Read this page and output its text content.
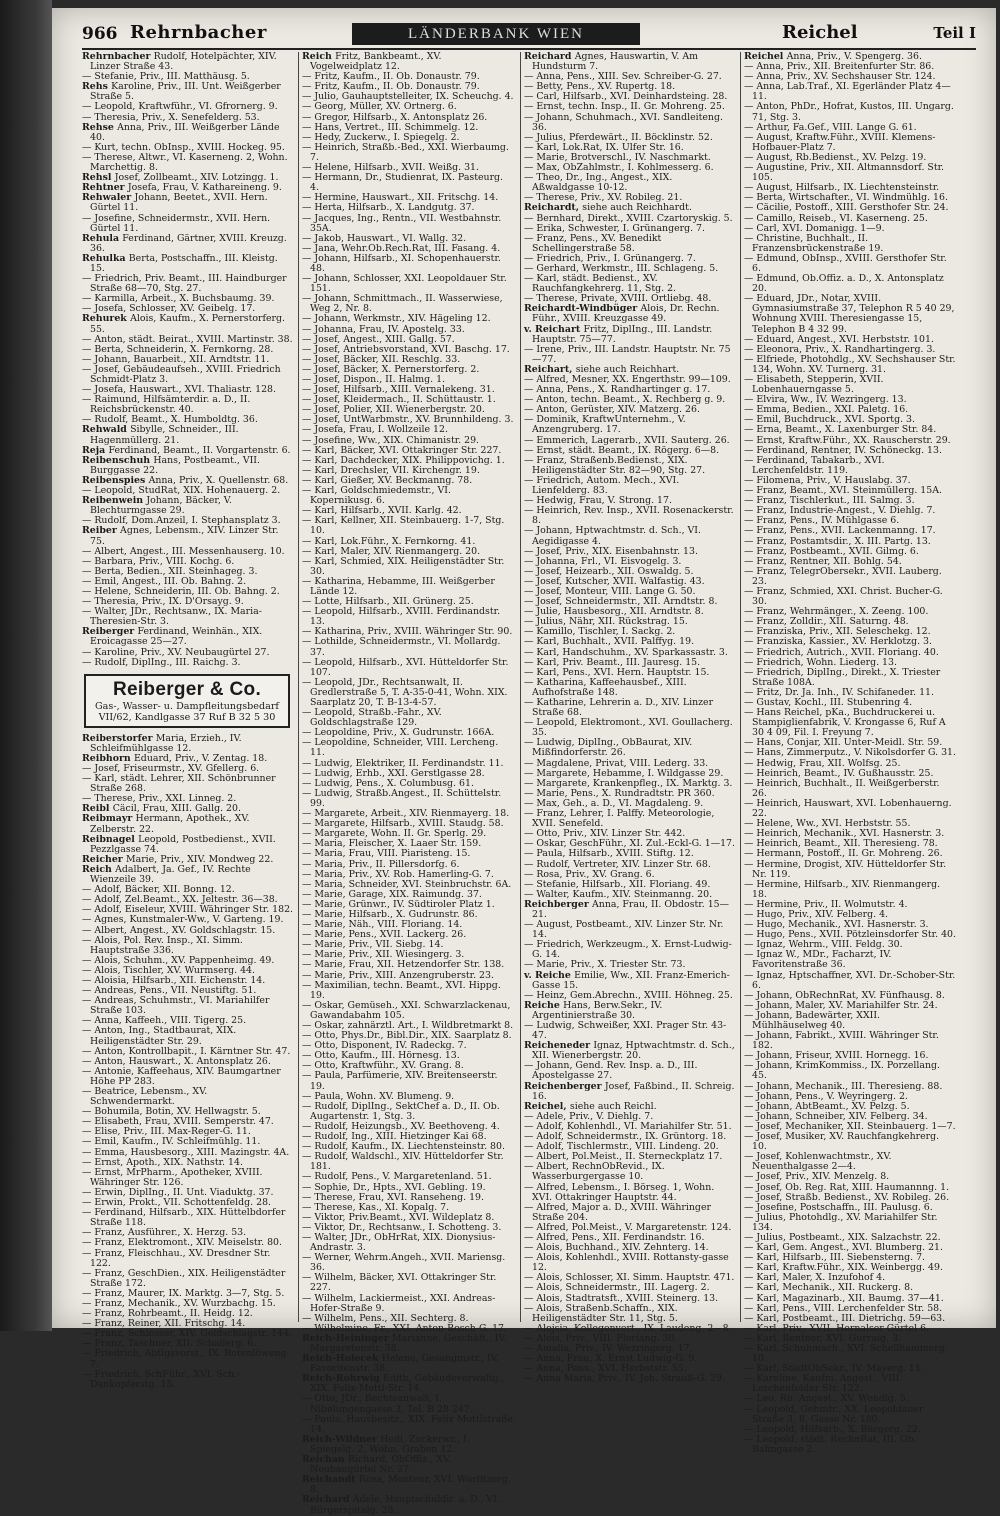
966 Rehrnbacher	LÄNDERBANK WIEN	Reichel	Teil I

Rehrnbacher Rudolf, Hotelpächter, XIV. Linzer Straße 43.

— Stefanie, Priv., III. Matthäusg. 5.

Rehs Karoline, Priv., III. Unt. Weißgerber Straße 5.

— Leopold, Kraftwführ., VI. Gfrornerg. 9.

— Theresia, Priv., X. Senefelderg. 53.

Rehse Anna, Priv., III. Weißgerber Lände 40.

— Kurt, techn. ObInsp., XVIII. Hockeg. 95.

— Therese, Altwr., VI. Kaserneng. 2, Wohn. Marchettig. 8.

Rehsl Josef, Zollbeamt., XIV. Lotzingg. 1.

Rehtner Josefa, Frau, V. Kathareineng. 9.

Rehwaler Johann, Beetet., XVII. Hern. Gürtel 11.

— Josefine, Schneidermstr., XVII. Hern. Gürtel 11.

Rehula Ferdinand, Gärtner, XVIII. Kreuzg. 36.

Rehulka Berta, Postschaffn., III. Kleistg. 15.

— Friedrich, Priv. Beamt., III. Haindburger Straße 68—70, Stg. 27.

— Karmilla, Arbeit., X. Buchsbaumg. 39.

— Josefa, Schlosser, XV. Geibelg. 17.

Rehurek Alois, Kaufm., X. Pernerstorferg. 55.

— Anton, städt. Beirat., XVIII. Martinstr. 38.

— Berta, Schneiderin, X. Fernkorng. 28.

— Johann, Bauarbeit., XII. Arndtstr. 11.

— Josef, Gebäudeaufseh., XVIII. Friedrich Schmidt-Platz 3.

— Josefa, Hauswart., XVI. Thaliastr. 128.

— Raimund, Hilfsämterdir. a. D., II. Reichsbrückenstr. 40.

— Rudolf, Beamt., X. Humboldtg. 36.

Rehwald Sibylle, Schneider., III. Hagenmüllerg. 21.

Reja Ferdinand, Beamt., II. Vorgartenstr. 6.

Reibenschuh Hans, Postbeamt., VII. Burggasse 22.

Reibenspies Anna, Priv., X. Quellenstr. 68.

— Leopold, StudRat, XIX. Hohenauerg. 2.

Reibenwein Johann, Bäcker, V. Blechturmgasse 29.

— Rudolf, Dom.Anzeil, I. Stephansplatz 3.

Reiber Agnes, Lebensm., XIV. Linzer Str. 75.

— Albert, Angest., III. Messenhauserg. 10.

— Barbara, Priv., VIII. Kochg. 6.

— Berta, Bedien., XII. Steinhageg. 3.

— Emil, Angest., III. Ob. Bahng. 2.

— Helene, Schneiderin, III. Ob. Bahng. 2.

— Theresia, Priv., IX. D'Orsayg. 9.

— Walter, JDr., Rechtsanw., IX. Maria-Theresien-Str. 3.

Reiberger Ferdinand, Weinhän., XIX. Eroicagasse 25—27.

— Karoline, Priv., XV. Neubaugürtel 27.

— Rudolf, DiplIng., III. Raichg. 3.

Reiberger & Co.
Gas-, Wasser- u. Dampfleitungsbedarf
VII/62, Kandlgasse 37 Ruf B 32 5 30

Reiberstorfer Maria, Erzieh., IV. Schleifmühlgasse 12.

Reibhorn Eduard, Priv., V. Zentag. 18.

— Josef, Friseurmstr., XV. Gfellerg. 6.

— Karl, städt. Lehrer, XII. Schönbrunner Straße 268.

— Therese, Priv., XXI. Linneg. 2.

Reibl Cäcil, Frau, XIII. Gallg. 20.

Reibmayr Hermann, Apothek., XV. Zelberstr. 22.

Reibnagel Leopold, Postbedienst., XVII. Pezzlgasse 74.

Reicher Marie, Priv., XIV. Mondweg 22.

Reich Adalbert, Ja. Gef., IV. Rechte Wienzeile 39.

— Adolf, Bäcker, XII. Bonng. 12.

— Adolf, Zel.Beamt., XX. Jeltestr. 36—38.

— Adolf, Eiseleur, XVIII. Währinger Str. 182.

— Agnes, Kunstmaler-Ww., V. Garteng. 19.

— Albert, Angest., XV. Goldschlagstr. 15.

— Alois, Pol. Rev. Insp., XI. Simm. Hauptstraße 336.

— Alois, Schuhm., XV. Pappenheimg. 49.

— Alois, Tischler, XV. Wurmserg. 44.

— Aloisia, Hilfsarb., XII. Eichenstr. 14.

— Andreas, Pens., VII. Neustiftg. 51.

— Andreas, Schuhmstr., VI. Mariahilfer Straße 103.

— Anna, Kaffeeh., VIII. Tigerg. 25.

— Anton, Ing., Stadtbaurat, XIX. Heiligenstädter Str. 29.

— Anton, Kontrollbapit., I. Kärntner Str. 47.

— Anton, Hauswart., X. Antonsplatz 26.

— Antonie, Kaffeehaus, XIV. Baumgartner Höhe PP 283.

— Beatrice, Lebensm., XV. Schwendermarkt.

— Bohumila, Botin, XV. Hellwagstr. 5.

— Elisabeth, Frau, XVIII. Semperstr. 47.

— Elise, Priv., III. Max-Reger-G. 11.

— Emil, Kaufm., IV. Schleifmühlg. 11.

— Emma, Hausbesorg., XIII. Mazingstr. 4A.

— Ernst, Apoth., XIX. Nathstr. 14.

— Ernst, MrPharm., Apotheker, XVIII. Währinger Str. 126.

— Erwin, DiplIng., II. Unt. Viaduktg. 37.

— Erwin, Prokt., VII. Schottenfeldg. 28.

— Ferdinand, Hilfsarb., XIX. Hüttelbdorfer Straße 118.

— Franz, Ausführer., X. Herzg. 53.

— Franz, Elektromont., XIV. Meiselstr. 80.

— Franz, Fleischhau., XV. Dresdner Str. 122.

— Franz, GeschDien., XIX. Heiligenstädter Straße 172.

— Franz, Maurer, IX. Marktg. 3—7, Stg. 5.

— Franz, Mechanik., XV. Wurzbachg. 15.

— Franz, Rohrbeamt., II. Heidg. 12.

— Franz, Reiner, XII. Fritschg. 14.

— Franz, Schlosser, XIV. Goldschlagstr. 144.

— Franz, Taschner, XII. Schallerg. 6.

— Friedrich, Abtlgsvorst., IX. Rotenlöweng. 7.

— Friedrich, SchFühr., XVI. Sch.-Dankopferstg. 15.

Reich Fritz, Bankbeamt., XV. Vogelweidplatz 12.

— Fritz, Kaufm., II. Ob. Donaustr. 79.

— Fritz, Kaufm., II. Ob. Donaustr. 79.

— Julio, Gauhauptstelleiter, IX. Scheuchg. 4.

— Georg, Müller, XV. Ortnerg. 6.

— Gregor, Hilfsarb., X. Antonsplatz 26.

— Hans, Vertret., III. Schimmelg. 12.

— Hedy, Zuckerw., I. Spiegelg. 2.

— Heinrich, Straßb.-Bed., XXI. Wierbaumg. 7.

— Helene, Hilfsarb., XVII. Weißg. 31.

— Hermann, Dr., Studienrat, IX. Pasteurg. 4.

— Hermine, Hauswart., XII. Fritschg. 14.

— Herta, Hilfsarb., X. Landgutg. 37.

— Jacques, Ing., Rentn., VII. Westbahnstr. 35A.

— Jakob, Hauswart., VI. Wallg. 32.

— Jana, Wehr.Ob.Rech.Rat, III. Fasang. 4.

— Johann, Hilfsarb., XI. Schopenhauerstr. 48.

— Johann, Schlosser, XXI. Leopoldauer Str. 151.

— Johann, Schmittmach., II. Wasserwiese, Weg 2, Nr. 8.

— Johann, Werkmstr., XIV. Hägeling 12.

— Johanna, Frau, IV. Apostelg. 33.

— Josef, Angest., XIII. Gallg. 57.

— Josef, Antriebsvorstand, XVI. Baschg. 17.

— Josef, Bäcker, XII. Reschlg. 33.

— Josef, Bäcker, X. Pernerstorferg. 2.

— Josef, Dispon., II. Halmg. 1.

— Josef, Hilfsarb., XIII. Vernalekeng. 31.

— Josef, Kleidermach., II. Schüttaustr. 1.

— Josef, Polier, XII. Wienerbergstr. 20.

— Josef, UntWarbmstr., XV. Brunnhildeng. 3.

— Josefa, Frau, I. Wollzeile 12.

— Josefine, Ww., XIX. Chimanistr. 29.

— Karl, Bäcker, XVI. Ottakringer Str. 227.

— Karl, Dachdecker, XIX. Philippovichg. 1.

— Karl, Drechsler, VII. Kirchengr. 19.

— Karl, Gießer, XV. Beckmanng. 78.

— Karl, Goldschmiedemstr., VI. Kopernikusg. 6.

— Karl, Hilfsarb., XVII. Karlg. 42.

— Karl, Kellner, XII. Steinbauerg. 1-7, Stg. 10.

— Karl, Lok.Führ., X. Fernkorng. 41.

— Karl, Maler, XIV. Rienmangerg. 20.

— Karl, Schmied, XIX. Heiligenstädter Str. 30.

— Katharina, Hebamme, III. Weißgerber Lände 12.

— Lotte, Hilfsarb., XII. Grünerg. 25.

— Leopold, Hilfsarb., XVIII. Ferdinandstr. 13.

— Katharina, Priv., XVIII. Währinger Str. 90.

— Lothilde, Schneidermstr., VI. Mollardg. 37.

— Leopold, Hilfsarb., XVI. Hütteldorfer Str. 107.

— Leopold, JDr., Rechtsanwalt, II. Gredlerstraße 5, T. A-35-0-41, Wohn. XIX. Saarplatz 20, T. B-13-4-57.

— Leopold, Straßb.-Fahr., XV. Goldschlagstraße 129.

— Leopoldine, Priv., X. Gudrunstr. 166A.

— Leopoldine, Schneider, VIII. Lercheng. 11.

— Ludwig, Elektriker, II. Ferdinandstr. 11.

— Ludwig, Erhb., XXI. Gerstlgasse 28.

— Ludwig, Pens., X. Columbusg. 61.

— Ludwig, Straßb.Angest., II. Schüttelstr. 99.

— Margarete, Arbeit., XIV. Rienmayerg. 18.

— Margarete, Hilfsarb., XVIII. Staudg. 58.

— Margarete, Wohn. II. Gr. Sperlg. 29.

— Maria, Fleischer, X. Laaer Str. 159.

— Maria, Frau, VIII. Piaristeng. 15.

— Maria, Priv., II. Pillersdorfg. 6.

— Maria, Priv., XV. Rob. Hamerling-G. 7.

— Maria, Schneider, XVI. Steinbruchstr. 6A.

— Marie, Garage, XIX. Raimundg. 37.

— Marie, Grünwr., IV. Südtiroler Platz 1.

— Marie, Hilfsarb., X. Gudrunstr. 86.

— Marie, Näh., VIII. Floriang. 14.

— Marie, Pens., XVII. Lackerg. 26.

— Marie, Priv., VII. Siebg. 14.

— Marie, Priv., XII. Wiesingerg. 3.

— Marie, Frau, XII. Hetzendorfer Str. 138.

— Marie, Priv., XIII. Anzengruberstr. 23.

— Maximilian, techn. Beamt., XVI. Hippg. 19.

— Oskar, Gemüseh., XXI. Schwarzlackenau, Gawandabahm 105.

— Oskar, zahnärztl. Art., I. Wildbretmarkt 8.

— Otto, Phys.Dr., Bibl.Dir., XIX. Saarplatz 8.

— Otto, Disponent, IV. Radeckg. 7.

— Otto, Kaufm., III. Hörnesg. 13.

— Otto, Kraftwführ., XV. Grang. 8.

— Paula, Parfümerie, XIV. Breitenseerstr. 19.

— Paula, Wohn. XV. Blumeng. 9.

— Rudolf, DiplIng., SektChef a. D., II. Ob. Augartenstr. 1, Stg. 3.

— Rudolf, Heizungsb., XV. Beethoveng. 4.

— Rudolf, Ing., XIII. Hietzinger Kai 68.

— Rudolf, Kaufm., IX. Liechtensteinstr. 80.

— Rudolf, Waldschl., XIV. Hütteldorfer Str. 181.

— Rudolf, Pens., V. Margaretenland. 51.

— Sophie, Dr., Hpts., XVI. Gebling. 19.

— Therese, Frau, XVI. Ranseheng. 19.

— Therese, Kas., XI. Kopalg. 7.

— Viktor, Priv.Beamt., XVI. Wildeplatz 8.

— Viktor, Dr., Rechtsanw., I. Schotteng. 3.

— Walter, JDr., ObHrRat, XIX. Dionysius-Andrastr. 3.

— Werner, Wehrm.Angeh., XVII. Mariensg. 36.

— Wilhelm, Bäcker, XVI. Ottakringer Str. 227.

— Wilhelm, Lackiermeist., XXI. Andreas-Hofer-Straße 9.

— Wilhelm, Pens., XII. Sechterg. 8.

— Wilhelmine, Fr., XXI. Anton-Bosch-G. 17.

Reich-Heininger Marianne, Geschäft., IV. Margaretenstr. 38.

Reich-Holecek Helene, Gesangmstr., IV. Favoritenstr. 38.

Reich-Rohrwig Edith, Gebäudeverwaltg., XIX. Felix-Mottl-Str. 14.

— Otto, JDr., Rechtsanwalt, I. Nibelungengasse 3, Tel. B 28 247.

— Paula, Hausbesitz., XIX. Felix Mottlstraße 14.

Reich-Wildner Hedi, Zuckerwr., I. Spiegelg. 2, Wohn. Graben 12.

Reichan Richard, ObOffiz., XV. Neubaugürtel Nr. 37.

Reichandt Rosa, Monteur, XVI. Wurlitzerg. 8.

Reichard Adele, Hauptschuldir. a. D., VI. Bürgerspitalg. 28.

Reichard Agnes, Hauswartin, V. Am Hundsturm 7.

— Anna, Pens., XIII. Sev. Schreiber-G. 27.

— Betty, Pens., XV. Rupertg. 18.

— Carl, Hilfsarb., XVI. Deinhardsteing. 28.

— Ernst, techn. Insp., II. Gr. Mohreng. 25.

— Johann, Schuhmach., XVI. Sandleiteng. 36.

— Julius, Pferdewärt., II. Böcklinstr. 52.

— Karl, Lok.Rat, IX. Ulfer Str. 16.

— Marie, Brotverschl., IV. Naschmarkt.

— Max, ObZahlmstr., I. Kohlmesserg. 6.

— Theo, Dr., Ing., Angest., XIX. Aßwaldgasse 10-12.

— Therese, Priv., XV. Robileg. 21.

Reichardt, siehe auch Reichhardt.

— Bernhard, Direkt., XVIII. Czartoryskig. 5.

— Erika, Schwester, I. Grünangerg. 7.

— Franz, Pens., XV. Benedikt Schellingerstraße 58.

— Friedrich, Priv., I. Grünangerg. 7.

— Gerhard, Werkmstr., III. Schlageng. 5.

— Karl, städt. Bedienst., XV. Rauchfangkehrerg. 11, Stg. 2.

— Therese, Private, XVIII. Ortliebg. 48.

Reichardt-Windbüger Alois, Dr. Rechn. Führ., XVIII. Kreuzgasse 49.

v. Reichart Fritz, DiplIng., III. Landstr. Hauptstr. 75—77.

— Irene, Priv., III. Landstr. Hauptstr. Nr. 75—77.

Reichart, siehe auch Reichhart.

— Alfred, Mesner, XX. Engerthstr. 99—109.

— Anna, Pens., X. Randhartinger g. 17.

— Anton, techn. Beamt., X. Rechberg g. 9.

— Anton, Gerüster, XIV. Matzerg. 26.

— Dominik, KraftwUnternehm., V. Anzengruberg. 17.

— Emmerich, Lagerarb., XVII. Sauterg. 26.

— Ernst, städt. Beamt., IX. Rögerg. 6—8.

— Franz, Straßenb.Bedienst., XIX. Heiligenstädter Str. 82—90, Stg. 27.

— Friedrich, Autom. Mech., XVI. Lienfelderg. 83.

— Hedwig, Frau, V. Strong. 17.

— Heinrich, Rev. Insp., XVII. Rosenackerstr. 8.

— Johann, Hptwachtmstr. d. Sch., VI. Aegidigasse 4.

— Josef, Priv., XIX. Eisenbahnstr. 13.

— Johanna, Frl., VI. Eisvogelg. 3.

— Josef, Heizearb., XII. Oswaldg. 5.

— Josef, Kutscher, XVII. Walfastig. 43.

— Josef, Monteur, VIII. Lange G. 50.

— Josef, Schneidermstr., XII. Arndtstr. 8.

— Julie, Hausbesorg., XII. Arndtstr. 8.

— Julius, Nähr, XII. Rückstrag. 15.

— Kamillo, Tischler, I. Sackg. 2.

— Karl, Buchhalt., XVII. Palffyg. 19.

— Karl, Handschuhm., XV. Sparkassastr. 3.

— Karl, Priv. Beamt., III. Jauresg. 15.

— Karl, Pens., XVI. Hern. Hauptstr. 15.

— Katharina, Kaffeehausbef., XIII. Aufhofstraße 148.

— Katharine, Lehrerin a. D., XIV. Linzer Straße 68.

— Leopold, Elektromont., XVI. Goullacherg. 35.

— Ludwig, DiplIng., ObBaurat, XIV. Mißfindorferstr. 26.

— Magdalene, Privat, VIII. Lederg. 33.

— Margarete, Hebamme, I. Wildgasse 29.

— Margarete, Krankenpfleg., IX. Marktg. 3.

— Marie, Pens., X. Rundradtstr. PR 360.

— Max, Geh., a. D., VI. Magdaleng. 9.

— Franz, Lehrer, I. Palffy. Meteorologie, XVII. Senefeld.

— Otto, Priv., XIV. Linzer Str. 442.

— Oskar, GeschFühr., XI. Zul.-Eckl-G. 1—17.

— Paula, Hilfsarb., XVIII. Stiftg. 12.

— Rudolf, Vertreter, XIV. Linzer Str. 68.

— Rosa, Priv., XV. Grang. 6.

— Stefanie, Hilfsarb., XII. Floriang. 49.

— Walter, Kaufm., XIV. Steinmanng. 20.

Reichberger Anna, Frau, II. Obdostr. 15—21.

— August, Postbeamt., XIV. Linzer Str. Nr. 14.

— Friedrich, Werkzeugm., X. Ernst-Ludwig-G. 14.

— Marie, Priv., X. Triester Str. 73.

v. Reiche Emilie, Ww., XII. Franz-Emerich-Gasse 15.

— Heinz, Gem.Abrechn., XVIII. Höhneg. 25.

Reiche Hans, Berw.Sekr., IV. Argentinierstraße 30.

— Ludwig, Schweißer, XXI. Prager Str. 43-47.

Reicheneder Ignaz, Hptwachtmstr. d. Sch., XII. Wienerbergstr. 20.

— Johann, Gend. Rev. Insp. a. D., III. Apostelgasse 27.

Reichenberger Josef, Faßbind., II. Schreig. 16.

Reichel, siehe auch Reichl.

— Adele, Priv., V. Diehlg. 7.

— Adolf, Kohlenhdl., VI. Mariahilfer Str. 51.

— Adolf, Schneidermstr., IX. Grüntorg. 18.

— Adolf, Tischlermstr., VIII. Lindeng. 20.

— Albert, Pol.Meist., II. Sterneckplatz 17.

— Albert, RechnObRevid., IX. Wasserburgergasse 10.

— Alfred, Lebensm., I. Börseg. 1, Wohn. XVI. Ottakringer Hauptstr. 44.

— Alfred, Major a. D., XVIII. Währinger Straße 204.

— Alfred, Pol.Meist., V. Margaretenstr. 124.

— Alfred, Pens., XII. Ferdinandstr. 16.

— Alois, Buchhand., XIV. Zehnterg. 14.

— Alois, Kohlenhdl., XVIII. Rottansty-gasse 12.

— Alois, Schlosser, XI. Simm. Hauptstr. 471.

— Alois, Schneidermstr., III. Lagerg. 2.

— Alois, Stadtratsft., XVIII. Steinerg. 13.

— Alois, Straßenb.Schaffn., XIX. Heiligenstädter Str. 11, Stg. 5.

— Alojsia, Kollegenvert., IX. Laudeng. 2—8.

— Alois, Priv., VIII. Floriang. 30.

— Amalia, Priv., IV. Wezringerg. 17.

— Anna, Frau, X. Ernst Ludwig-G. 9.

— Anna, Pens., XVI. Herbststr. 55.

— Anna Maria, Priv., IV. Joh. Strauß-G. 29.

Reichel Anna, Priv., V. Spengerg. 36.

— Anna, Priv., XII. Breitenfurter Str. 86.

— Anna, Priv., XV. Sechshauser Str. 124.

— Anna, Lab.Traf., XI. Egerländer Platz 4—11.

— Anton, PhDr., Hofrat, Kustos, III. Ungarg. 71, Stg. 3.

— Arthur, Fa.Gef., VIII. Lange G. 61.

— August, Kraftw.Führ., XVIII. Klemens-Hofbauer-Platz 7.

— August, Rb.Bedienst., XV. Pelzg. 19.

— Augustine, Priv., XII. Altmannsdorf. Str. 105.

— August, Hilfsarb., IX. Liechtensteinstr.

— Berta, Wirtschafter., VI. Windmühlg. 16.

— Cäcilie, Postoff., XIII. Gersthofer Str. 24.

— Camillo, Reiseb., VI. Kaserneng. 25.

— Carl, XVI. Domanigg. 1—9.

— Christine, Buchhalt., II. Franzensbrückenstraße 19.

— Edmund, ObInsp., XVIII. Gersthofer Str. 6.

— Edmund, Ob.Offiz. a. D., X. Antonsplatz 20.

— Eduard, JDr., Notar, XVIII. Gymnasiumstraße 37, Telephon R 5 40 29, Wohnung XVIII. Theresiengasse 15, Telephon B 4 32 99.

— Eduard, Angest., XVI. Herbststr. 101.

— Eleonora, Priv., X. Randhartingerg. 3.

— Elfriede, Photohdlg., XV. Sechshauser Str. 134, Wohn. XV. Turnerg. 31.

— Elisabeth, Stepperin, XVII. Lobenhauerngasse 5.

— Elvira, Ww., IV. Wezringerg. 13.

— Emma, Bedien., XXI. Paletg. 16.

— Emil, Buchdruck., XVI. Sportg. 3.

— Erna, Beamt., X. Laxenburger Str. 84.

— Ernst, Kraftw.Führ., XX. Rauscherstr. 29.

— Ferdinand, Rentner, IV. Schöneckg. 13.

— Ferdinand, Tabakarb., XVI. Lerchenfeldstr. 119.

— Filomena, Priv., V. Hauslabg. 37.

— Franz, Beamt., XVI. Steinmüllerg. 15A.

— Franz, Tischlerkut., III. Salmg. 3.

— Franz, Industrie-Angest., V. Diehlg. 7.

— Franz, Pens., IV. Mühlgasse 6.

— Franz, Pens., XVII. Lackenmanng. 17.

— Franz, Postamtsdir., X. III. Partg. 13.

— Franz, Postbeamt., XVII. Gilmg. 6.

— Franz, Rentner, XII. Bohlg. 54.

— Franz, TelegrObersekr., XVII. Lauberg. 23.

— Franz, Schmied, XXI. Christ. Bucher-G. 30.

— Franz, Wehrmänger., X. Zeeng. 100.

— Franz, Zolldir., XII. Saturng. 48.

— Franziska, Priv., XII. Seleschekg. 12.

— Franziska, Kassier., XV. Herklotzg. 3.

— Friedrich, Autrich., XVII. Floriang. 40.

— Friedrich, Wohn. Liederg. 13.

— Friedrich, DiplIng., Direkt., X. Triester Straße 108A.

— Fritz, Dr. Ja. Inh., IV. Schifaneder. 11.

— Gustav, Kochl., III. Stubenring 4.

— Hans Reichel, pKa., Buchdruckerei u. Stampiglienfabrik, V. Krongasse 6, Ruf A 30 4 09, Fil. I. Freyung 7.

— Hans, Conjar, XII. Unter-Meidl. Str. 59.

— Hans, Zimmerputz., V. Nikolsdorfer G. 31.

— Hedwig, Frau, XII. Wolfsg. 25.

— Heinrich, Beamt., IV. Gußhausstr. 25.

— Heinrich, Buchhalt., II. Weißgerberstr. 26.

— Heinrich, Hauswart, XVI. Lobenhauerng. 22.

— Helene, Ww., XVI. Herbststr. 55.

— Heinrich, Mechanik., XVI. Hasnerstr. 3.

— Heinrich, Beamt., XII. Theresieng. 78.

— Hermann, Postoff., II. Gr. Mohreng. 26.

— Hermine, Drogist, XIV. Hütteldorfer Str. Nr. 119.

— Hermine, Hilfsarb., XIV. Rienmangerg. 18.

— Hermine, Priv., II. Wolmutstr. 4.

— Hugo, Priv., XIV. Felberg. 4.

— Hugo, Mechanik., XVI. Hasnerstr. 3.

— Hugo, Pens., XVII. Pötzleinsdorfer Str. 40.

— Ignaz, Wehrm., VIII. Feldg. 30.

— Ignaz W., MDr., Facharzt, IV. Favoritenstraße 36.

— Ignaz, Hptschaffner, XVI. Dr.-Schober-Str. 6.

— Johann, ObRechnRat, XV. Fünfhausg. 8.

— Johann, Maler, XV. Mariahilfer Str. 24.

— Johann, Badewärter, XXII. Mühlhäuselweg 40.

— Johann, Fabrikt., XVIII. Währinger Str. 182.

— Johann, Friseur, XVIII. Hornegg. 16.

— Johann, KrimKommiss., IX. Porzellang. 45.

— Johann, Mechanik., III. Theresieng. 88.

— Johann, Pens., V. Weyringerg. 2.

— Johann, AbtBeamt., XV. Pelzg. 5.

— Johann, Schneiber, XIV. Felberg. 34.

— Josef, Mechaniker, XII. Steinbauerg. 1—7.

— Josef, Musiker, XV. Rauchfangkehrerg. 10.

— Josef, Kohlenwachtmstr., XV. Neuenthalgasse 2—4.

— Josef, Priv., XIV. Menzelg. 8.

— Josef, Ob. Reg. Rat, XIII. Haumannng. 1.

— Josef, Straßb. Bedienst., XV. Robileg. 26.

— Josefine, Postschaffn., III. Paulusg. 6.

— Julius, Photohdlg., XV. Mariahilfer Str. 134.

— Julius, Postbeamt., XIX. Salzachstr. 22.

— Karl, Gem. Angest., XVI. Blumberg. 21.

— Karl, Hilfsarb., III. Siebensterng. 7.

— Karl, Kraftw.Führ., XIX. Weinbergg. 49.

— Karl, Maler, X. Inzufohof 4.

— Karl, Mechanik., XII. Ruckerg. 8.

— Karl, Magazinarb., XII. Baumg. 37—41.

— Karl, Pens., VIII. Lerchenfelder Str. 58.

— Karl, Postbeamt., III. Dietrichg. 59—63.

— Karl, Priv., XVII. Hernalser Gürtel 6.

— Karl, Rentner, XVI. Gurraig. 3.

— Karl, Schuhmach., XVI. Schellhammerg. 10.

— Karl, StadtObSekr., IV. Mayerg. 11.

— Karoline, Kaufm. Angest., VIII. Lerchenfelder Str. 122.

— Leo, Rb. Angest., XV. Wendlg. 5.

— Leopold, Gehmtr., XX. Leopoldauer Straße 3, 8. Gasse Nr. 180.

— Leopold, Hilfsarb., X. Bürgerg. 22.

— Leopold, städt. RechnRat, III. Ob. Bahngasse 2.
